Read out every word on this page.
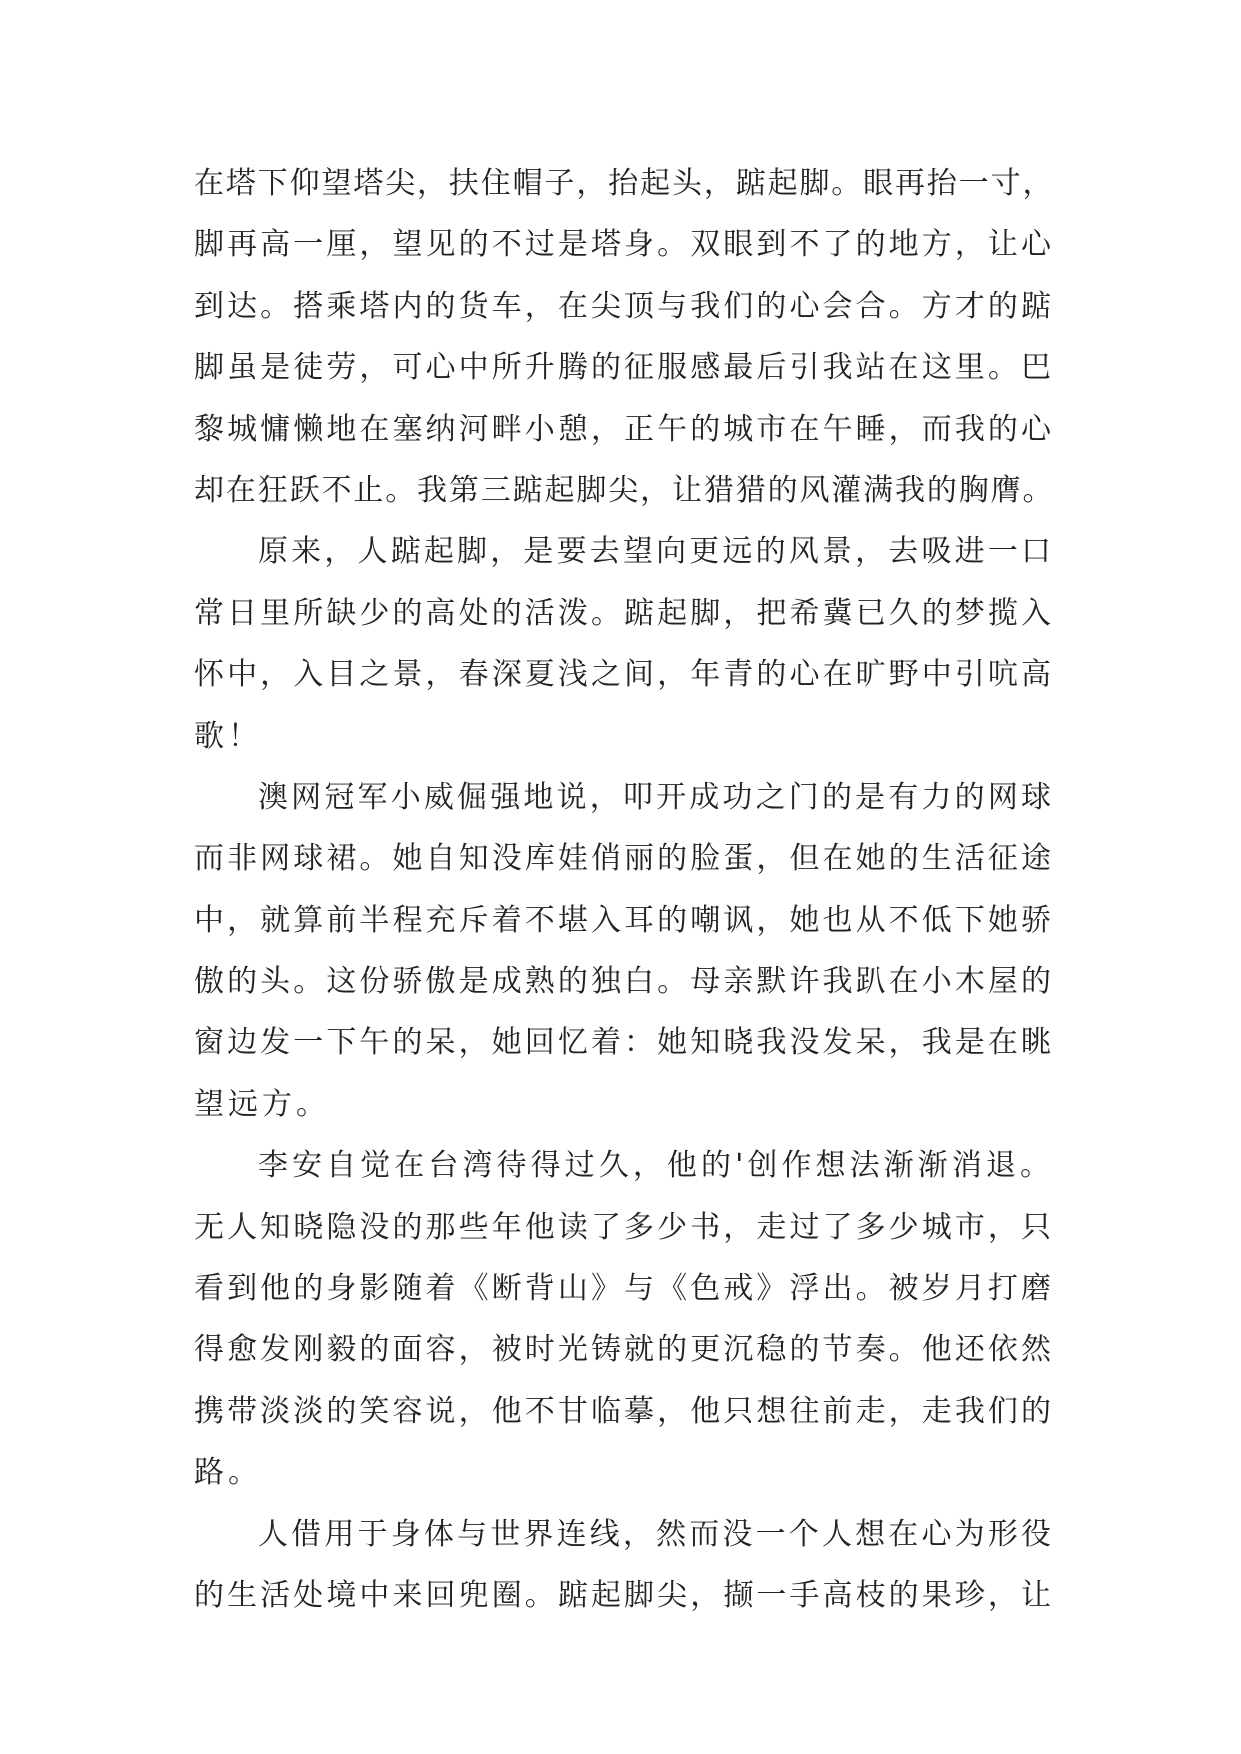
在塔下仰望塔尖，扶住帽子，抬起头，踮起脚。眼再抬一寸，
脚再高一厘，望见的不过是塔身。双眼到不了的地方，让心
到达。搭乘塔内的货车，在尖顶与我们的心会合。方才的踮
脚虽是徒劳，可心中所升腾的征服感最后引我站在这里。巴
黎城慵懒地在塞纳河畔小憩，正午的城市在午睡，而我的心
却在狂跃不止。我第三踮起脚尖，让猎猎的风灌满我的胸膺。
原来，人踮起脚，是要去望向更远的风景，去吸进一口
常日里所缺少的高处的活泼。踮起脚，把希冀已久的梦揽入
怀中，入目之景，春深夏浅之间，年青的心在旷野中引吭高
歌！
澳网冠军小威倔强地说，叩开成功之门的是有力的网球
而非网球裙。她自知没库娃俏丽的脸蛋，但在她的生活征途
中，就算前半程充斥着不堪入耳的嘲讽，她也从不低下她骄
傲的头。这份骄傲是成熟的独白。母亲默许我趴在小木屋的
窗边发一下午的呆，她回忆着：她知晓我没发呆，我是在眺
望远方。
李安自觉在台湾待得过久，他的'创作想法渐渐消退。
无人知晓隐没的那些年他读了多少书，走过了多少城市，只
看到他的身影随着《断背山》与《色戒》浮出。被岁月打磨
得愈发刚毅的面容，被时光铸就的更沉稳的节奏。他还依然
携带淡淡的笑容说，他不甘临摹，他只想往前走，走我们的
路。
人借用于身体与世界连线，然而没一个人想在心为形役
的生活处境中来回兜圈。踮起脚尖，撷一手高枝的果珍，让
